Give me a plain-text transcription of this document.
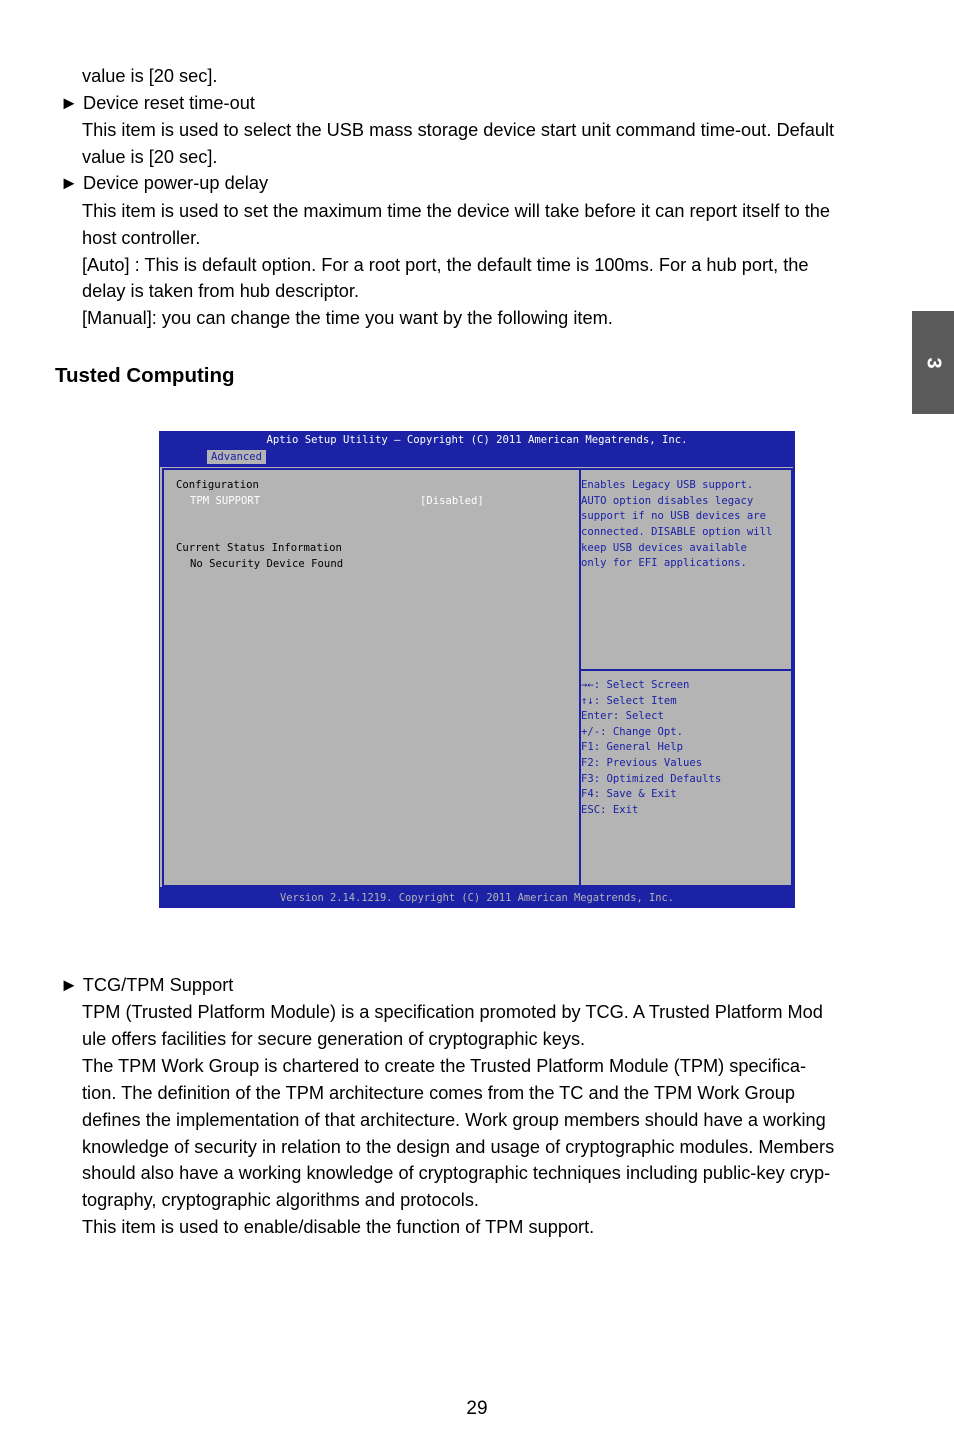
value is [20 sec].
► Device reset time-out
This item is used to select the USB mass storage device start unit command time-out. Default
value is [20 sec].
► Device power-up delay
This item is used to set the maximum time the device will take before it can report itself to the
host controller.
[Auto] : This is default option. For a root port, the default time is 100ms. For a hub port, the
delay is taken from hub descriptor.
[Manual]: you can change the time you want by the following item.
Tusted Computing
3
Aptio Setup Utility – Copyright (C) 2011 American Megatrends, Inc.
Advanced
Configuration
TPM SUPPORT	[Disabled]
Current Status Information
No Security Device Found
Enables Legacy USB support.
AUTO option disables legacy
support if no USB devices are
connected. DISABLE option will
keep USB devices available
only for EFI applications.
→←: Select Screen
↑↓: Select Item
Enter: Select
+/-: Change Opt.
F1: General Help
F2: Previous Values
F3: Optimized Defaults
F4: Save & Exit
ESC: Exit
Version 2.14.1219. Copyright (C) 2011 American Megatrends, Inc.
► TCG/TPM Support
TPM (Trusted Platform Module) is a specification promoted by TCG. A Trusted Platform Mod
ule offers facilities for secure generation of cryptographic keys.
The TPM Work Group is chartered to create the Trusted Platform Module (TPM) specifica-
tion. The definition of the TPM architecture comes from the TC and the TPM Work Group
defines the implementation of that architecture. Work group members should have a working
knowledge of security in relation to the design and usage of cryptographic modules. Members
should also have a working knowledge of cryptographic techniques including public-key cryp-
tography, cryptographic algorithms and protocols.
This item is used to enable/disable the function of TPM support.
29
